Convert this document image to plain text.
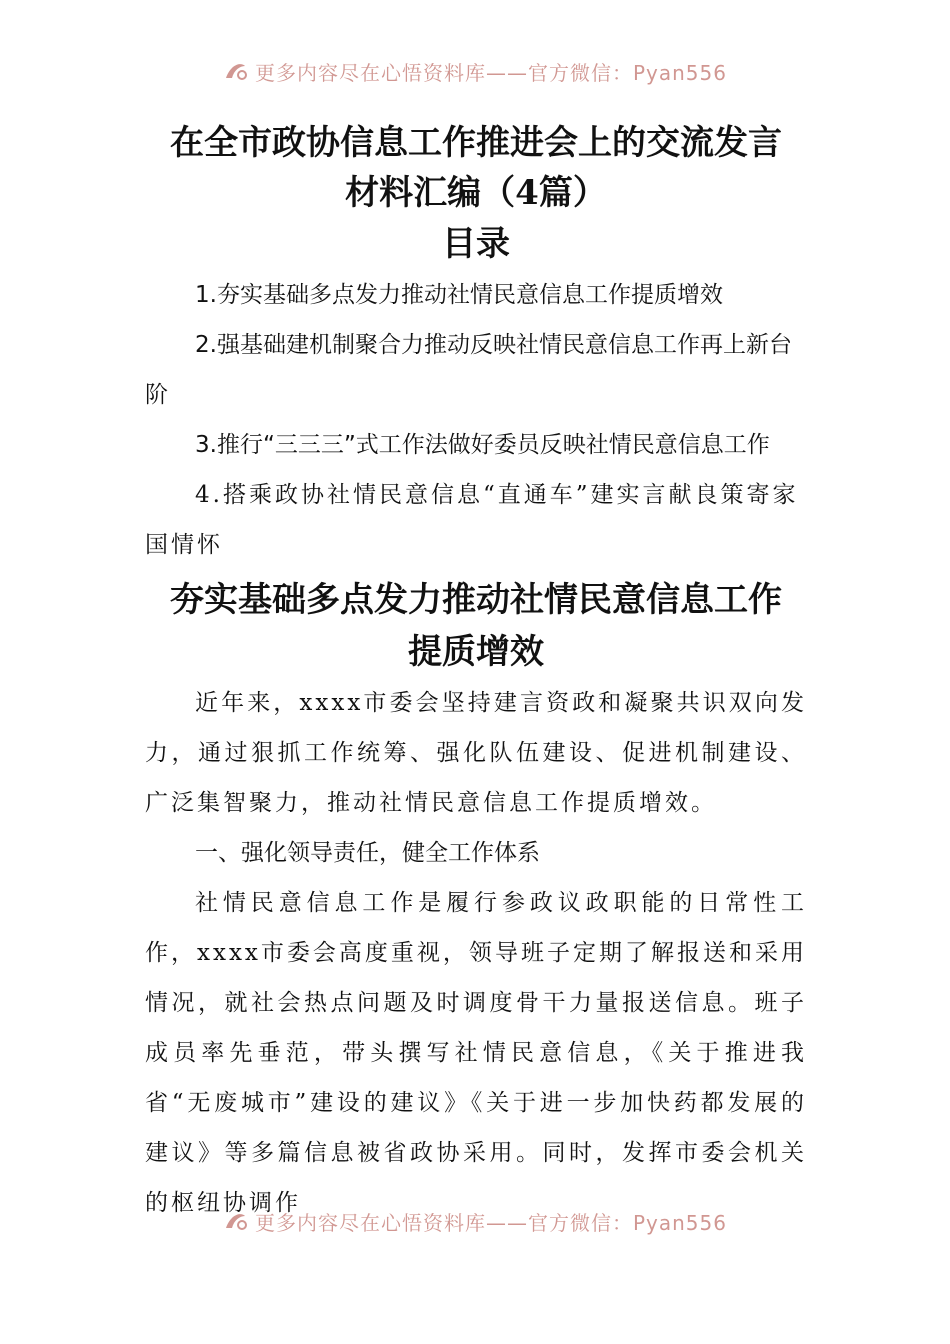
更多内容尽在心悟资料库——官方微信：Pyan556
在全市政协信息工作推进会上的交流发言
材料汇编（4篇）
目录

1.夯实基础多点发力推动社情民意信息工作提质增效

2.强基础建机制聚合力推动反映社情民意信息工作再上新台阶

3.推行“三三三”式工作法做好委员反映社情民意信息工作

4.搭乘政协社情民意信息“直通车”建实言献良策寄家国情怀

夯实基础多点发力推动社情民意信息工作
提质增效

近年来，xxxx市委会坚持建言资政和凝聚共识双向发力，通过狠抓工作统筹、强化队伍建设、促进机制建设、广泛集智聚力，推动社情民意信息工作提质增效。

一、强化领导责任，健全工作体系

社情民意信息工作是履行参政议政职能的日常性工作，xxxx市委会高度重视，领导班子定期了解报送和采用情况，就社会热点问题及时调度骨干力量报送信息。班子成员率先垂范，带头撰写社情民意信息，《关于推进我省“无废城市”建设的建议》《关于进一步加快药都发展的建议》等多篇信息被省政协采用。同时，发挥市委会机关的枢纽协调作

更多内容尽在心悟资料库——官方微信：Pyan556
